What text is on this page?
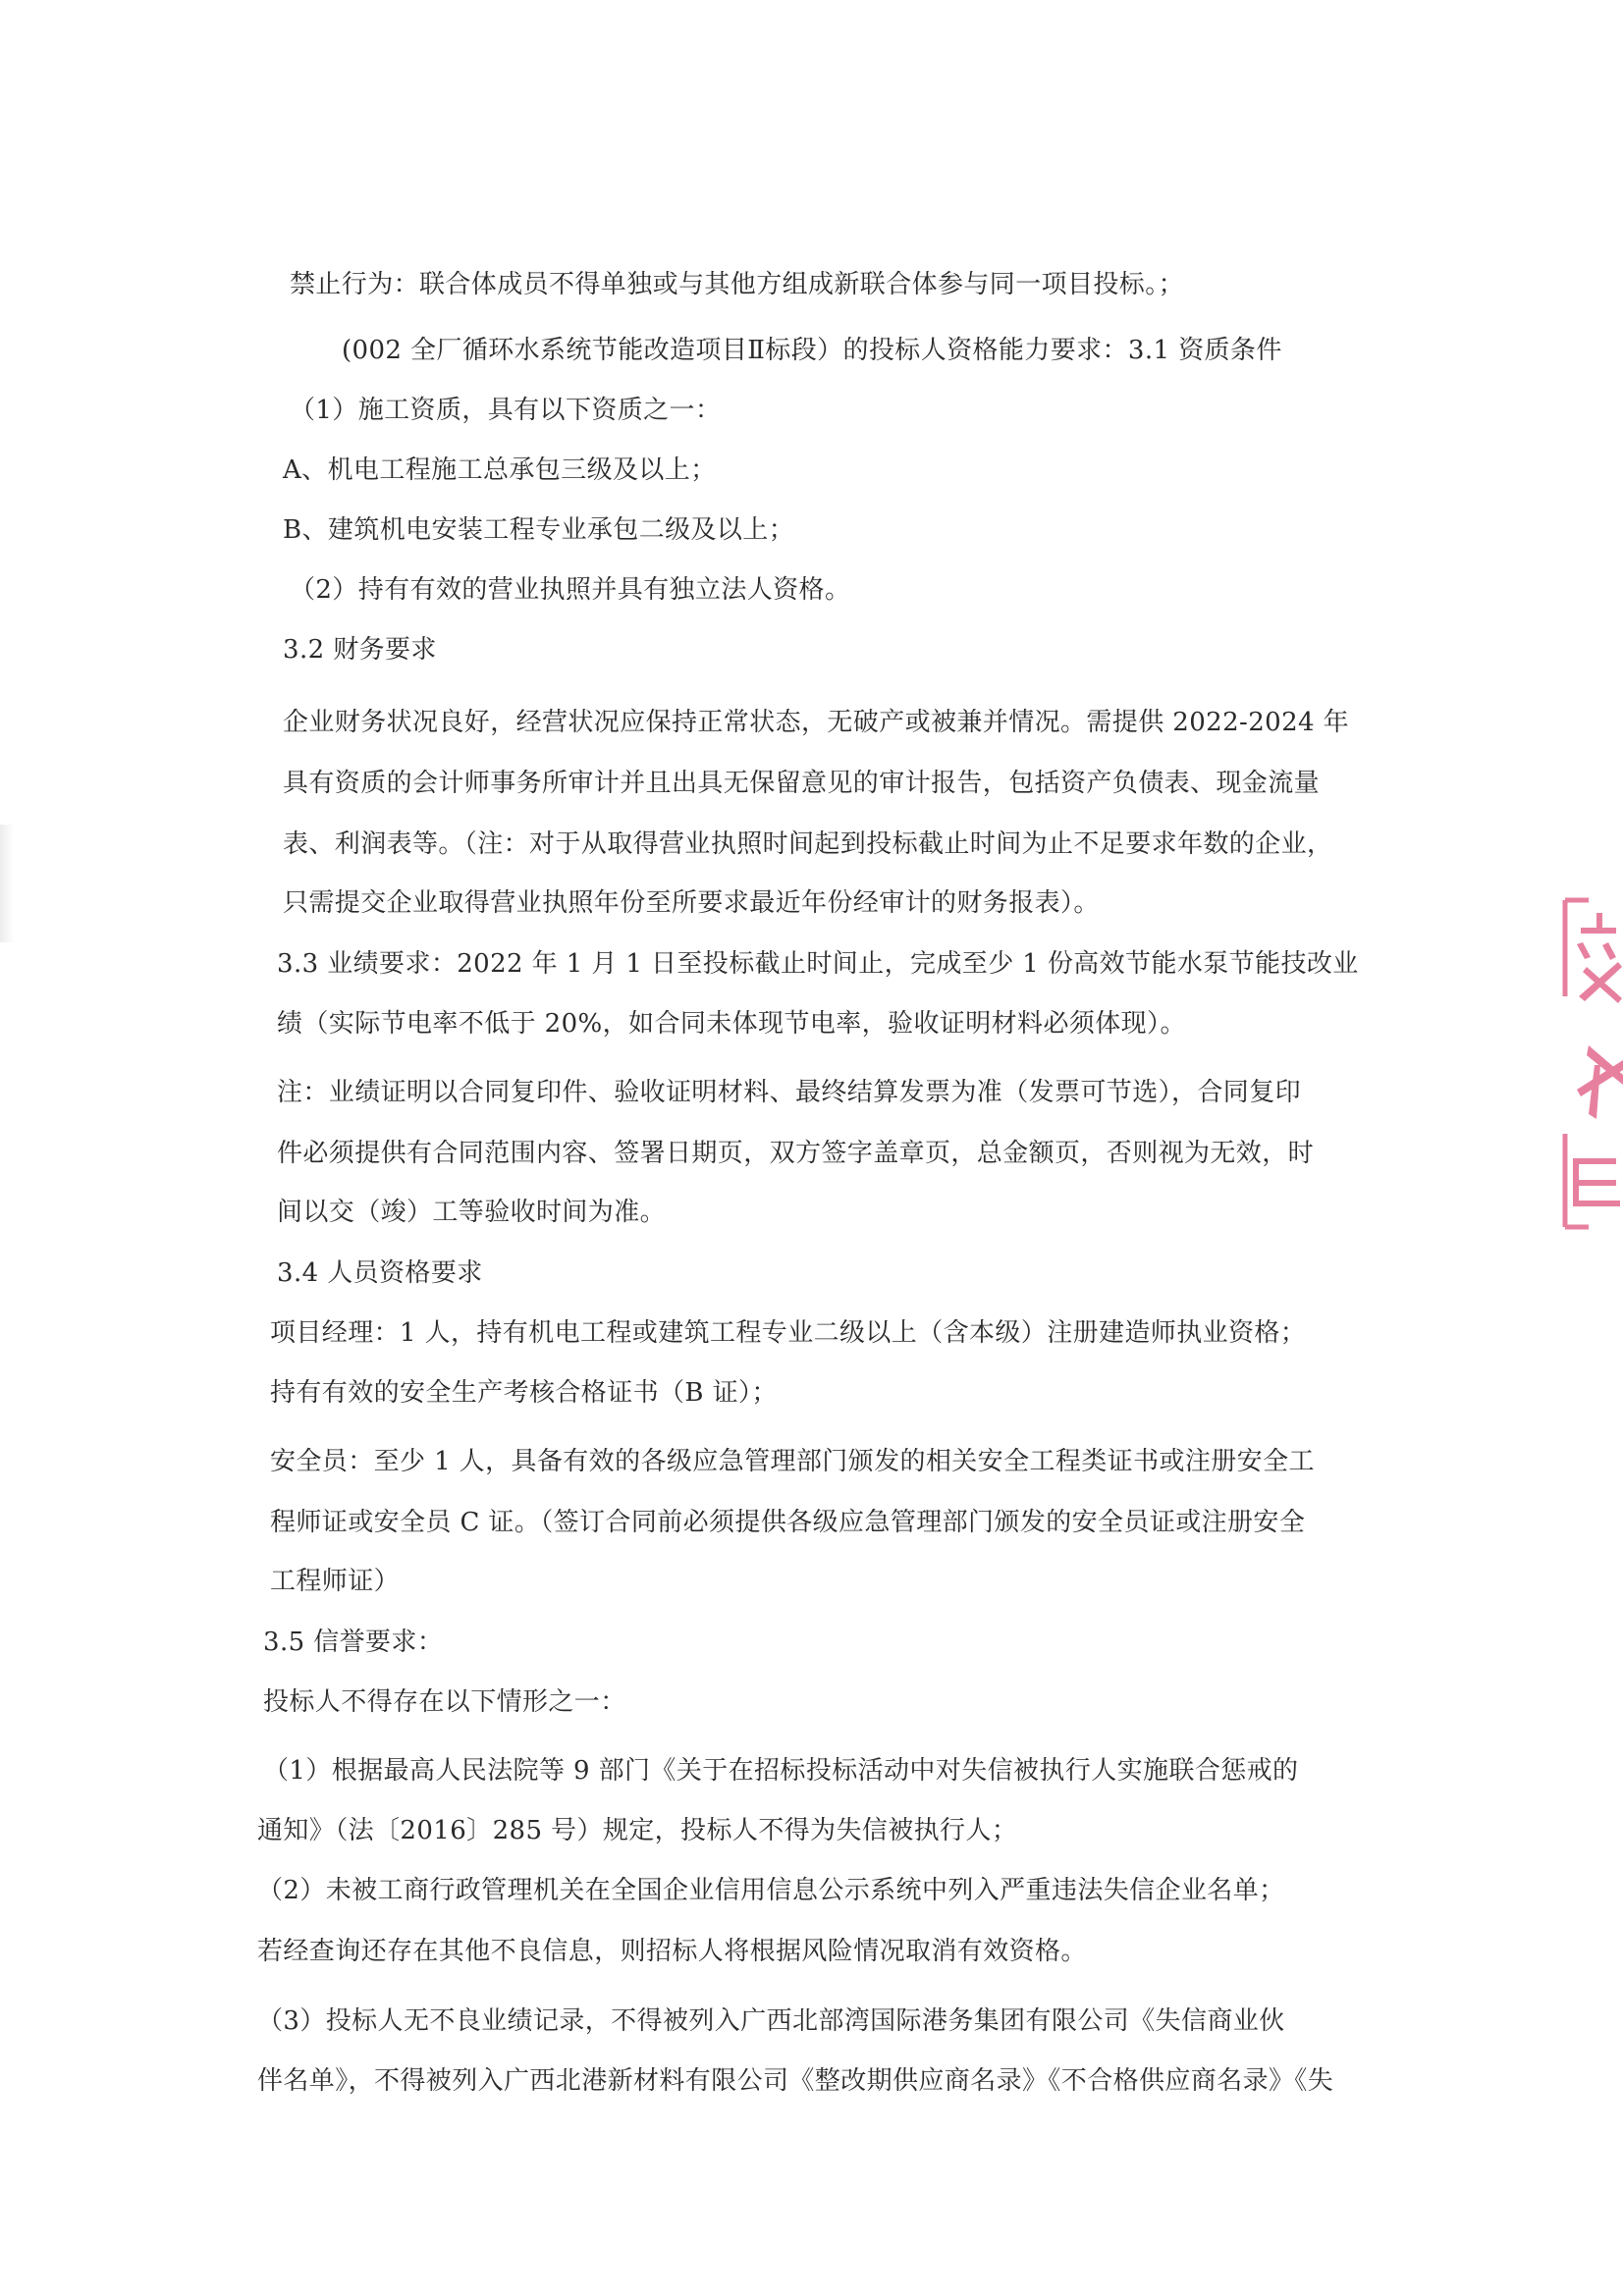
禁止行为：联合体成员不得单独或与其他方组成新联合体参与同一项目投标。；
(002 全厂循环水系统节能改造项目Ⅱ标段）的投标人资格能力要求：3.1 资质条件
（1）施工资质，具有以下资质之一：
A、机电工程施工总承包三级及以上；
B、建筑机电安装工程专业承包二级及以上；
（2）持有有效的营业执照并具有独立法人资格。
3.2 财务要求
企业财务状况良好，经营状况应保持正常状态，无破产或被兼并情况。需提供 2022-2024 年
具有资质的会计师事务所审计并且出具无保留意见的审计报告，包括资产负债表、现金流量
表、利润表等。（注：对于从取得营业执照时间起到投标截止时间为止不足要求年数的企业，
只需提交企业取得营业执照年份至所要求最近年份经审计的财务报表）。
3.3 业绩要求：2022 年 1 月 1 日至投标截止时间止，完成至少 1 份高效节能水泵节能技改业
绩（实际节电率不低于 20%，如合同未体现节电率，验收证明材料必须体现）。
注：业绩证明以合同复印件、验收证明材料、最终结算发票为准（发票可节选），合同复印
件必须提供有合同范围内容、签署日期页，双方签字盖章页，总金额页，否则视为无效，时
间以交（竣）工等验收时间为准。
3.4 人员资格要求
项目经理：1 人，持有机电工程或建筑工程专业二级以上（含本级）注册建造师执业资格；
持有有效的安全生产考核合格证书（B 证）；
安全员：至少 1 人，具备有效的各级应急管理部门颁发的相关安全工程类证书或注册安全工
程师证或安全员 C 证。（签订合同前必须提供各级应急管理部门颁发的安全员证或注册安全
工程师证）
3.5 信誉要求：
投标人不得存在以下情形之一：
（1）根据最高人民法院等 9 部门《关于在招标投标活动中对失信被执行人实施联合惩戒的
通知》（法〔2016〕285 号）规定，投标人不得为失信被执行人；
（2）未被工商行政管理机关在全国企业信用信息公示系统中列入严重违法失信企业名单；
若经查询还存在其他不良信息，则招标人将根据风险情况取消有效资格。
（3）投标人无不良业绩记录，不得被列入广西北部湾国际港务集团有限公司《失信商业伙
伴名单》，不得被列入广西北港新材料有限公司《整改期供应商名录》《不合格供应商名录》《失
